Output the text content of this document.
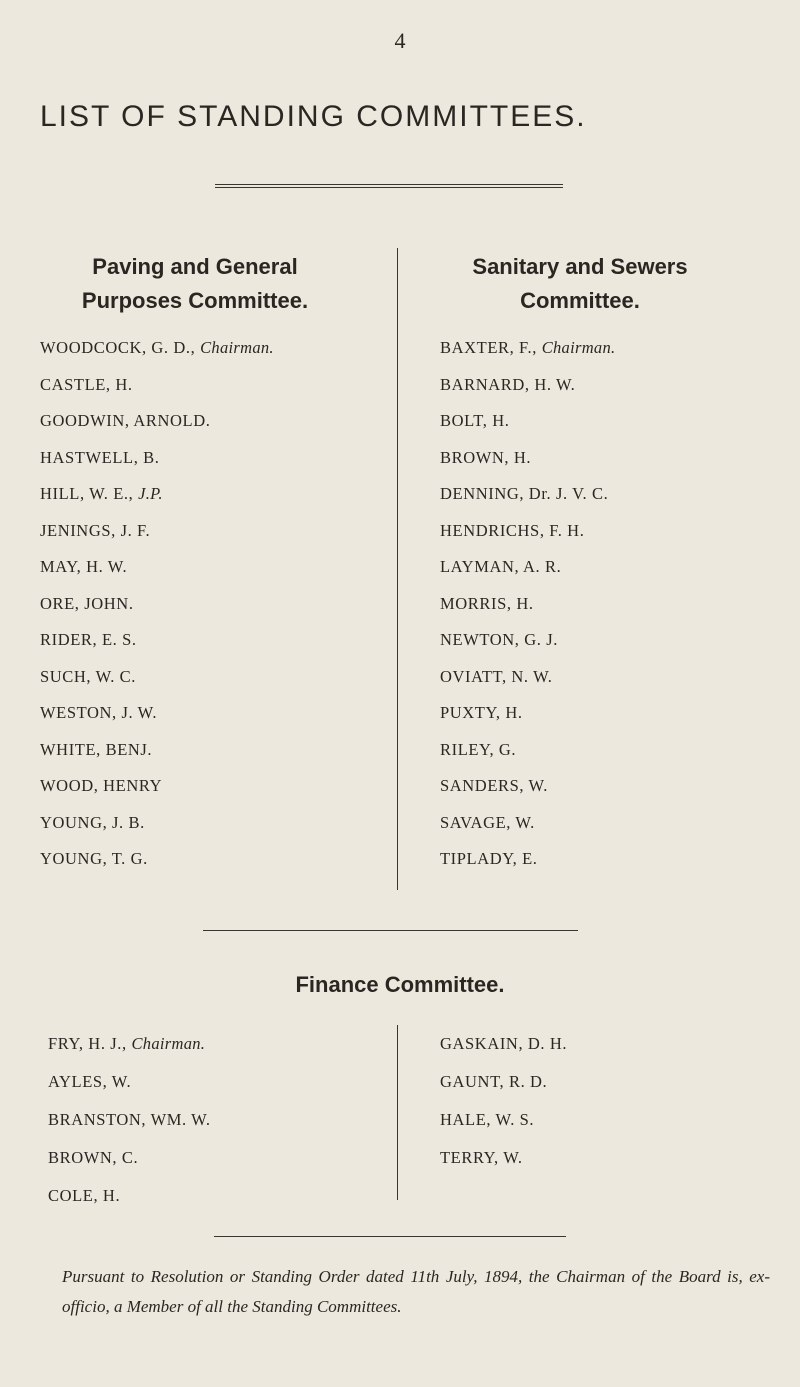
4
LIST OF STANDING COMMITTEES.
Paving and General Purposes Committee.
Sanitary and Sewers Committee.
WOODCOCK, G. D., Chairman.
CASTLE, H.
GOODWIN, ARNOLD.
HASTWELL, B.
HILL, W. E., J.P.
JENINGS, J. F.
MAY, H. W.
ORE, JOHN.
RIDER, E. S.
SUCH, W. C.
WESTON, J. W.
WHITE, BENJ.
WOOD, HENRY
YOUNG, J. B.
YOUNG, T. G.
BAXTER, F., Chairman.
BARNARD, H. W.
BOLT, H.
BROWN, H.
DENNING, Dr. J. V. C.
HENDRICHS, F. H.
LAYMAN, A. R.
MORRIS, H.
NEWTON, G. J.
OVIATT, N. W.
PUXTY, H.
RILEY, G.
SANDERS, W.
SAVAGE, W.
TIPLADY, E.
Finance Committee.
FRY, H. J., Chairman.
AYLES, W.
BRANSTON, WM. W.
BROWN, C.
COLE, H.
GASKAIN, D. H.
GAUNT, R. D.
HALE, W. S.
TERRY, W.

Pursuant to Resolution or Standing Order dated 11th July, 1894, the Chairman of the Board is, ex-officio, a Member of all the Standing Committees.
